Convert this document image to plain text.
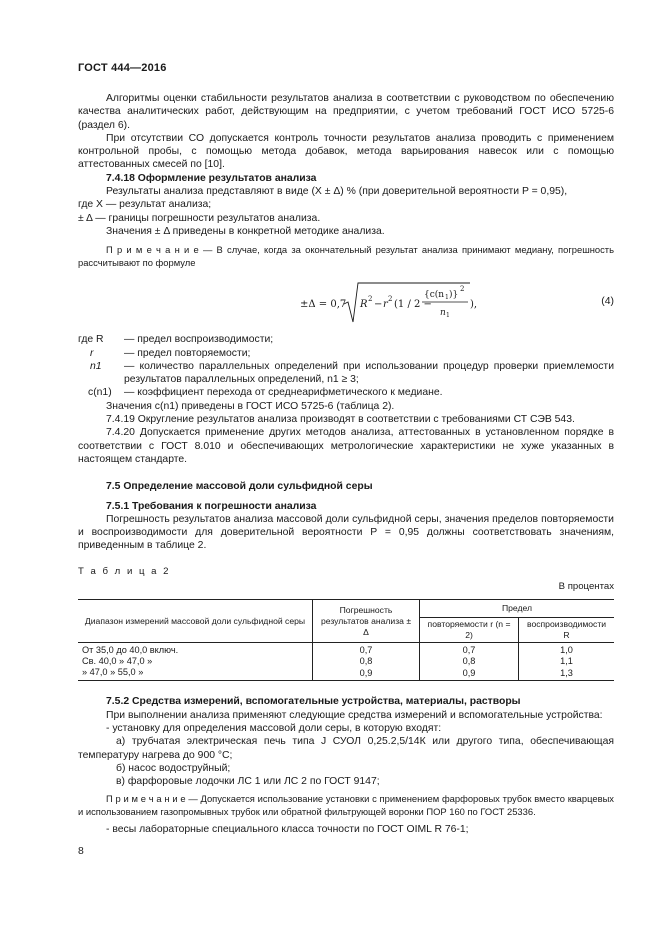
ГОСТ 444—2016

Алгоритмы оценки стабильности результатов анализа в соответствии с руководством по обеспечению качества аналитических работ, действующим на предприятии, с учетом требований ГОСТ ИСО 5725-6 (раздел 6).

При отсутствии СО допускается контроль точности результатов анализа проводить с применением контрольной пробы, с помощью метода добавок, метода варьирования навесок или с помощью аттестованных смесей по [10].

7.4.18 Оформление результатов анализа

Результаты анализа представляют в виде (X ± Δ) % (при доверительной вероятности P = 0,95),

где X — результат анализа;

± Δ — границы погрешности результатов анализа.

Значения ± Δ приведены в конкретной методике анализа.

П р и м е ч а н и е — В случае, когда за окончательный результат анализа принимают медиану, погрешность рассчитывают по формуле

±Δ = 0,7 R 2 − r 2 (1 / 2 −
{c(n 1 )}
2
n 1
),	(4)
где R	— предел воспроизводимости;
r	— предел повторяемости;
n1	— количество параллельных определений при использовании процедур проверки приемлемости результатов параллельных определений, n1 ≥ 3;
c(n1)	— коэффициент перехода от среднеарифметического к медиане.

Значения c(n1) приведены в ГОСТ ИСО 5725-6 (таблица 2).

7.4.19 Округление результатов анализа производят в соответствии с требованиями СТ СЭВ 543.

7.4.20 Допускается применение других методов анализа, аттестованных в установленном порядке в соответствии с ГОСТ 8.010 и обеспечивающих метрологические характеристики не хуже указанных в настоящем стандарте.

7.5 Определение массовой доли сульфидной серы

7.5.1 Требования к погрешности анализа

Погрешность результатов анализа массовой доли сульфидной серы, значения пределов повторяемости и воспроизводимости для доверительной вероятности P = 0,95 должны соответствовать значениям, приведенным в таблице 2.

Т а б л и ц а 2
В процентах
Диапазон измерений массовой доли сульфидной серы	Погрешность результатов анализа ± Δ	Предел	
		повторяемости r (n = 2)	воспроизводимости R
От 35,0 до 40,0 включ.	0,7	0,7	1,0
Св. 40,0 » 47,0 »	0,8	0,8	1,1
» 47,0 » 55,0 »	0,9	0,9	1,3

7.5.2 Средства измерений, вспомогательные устройства, материалы, растворы

При выполнении анализа применяют следующие средства измерений и вспомогательные устройства:

- установку для определения массовой доли серы, в которую входят:

а) трубчатая электрическая печь типа J СУОЛ 0,25.2,5/14К или другого типа, обеспечивающая температуру нагрева до 900 °С;

б) насос водоструйный;

в) фарфоровые лодочки ЛС 1 или ЛС 2 по ГОСТ 9147;

П р и м е ч а н и е — Допускается использование установки с применением фарфоровых трубок вместо кварцевых и использованием газопромывных трубок или обратной фильтрующей воронки ПОР 160 по ГОСТ 25336.

- весы лабораторные специального класса точности по ГОСТ OIML R 76-1;

8
